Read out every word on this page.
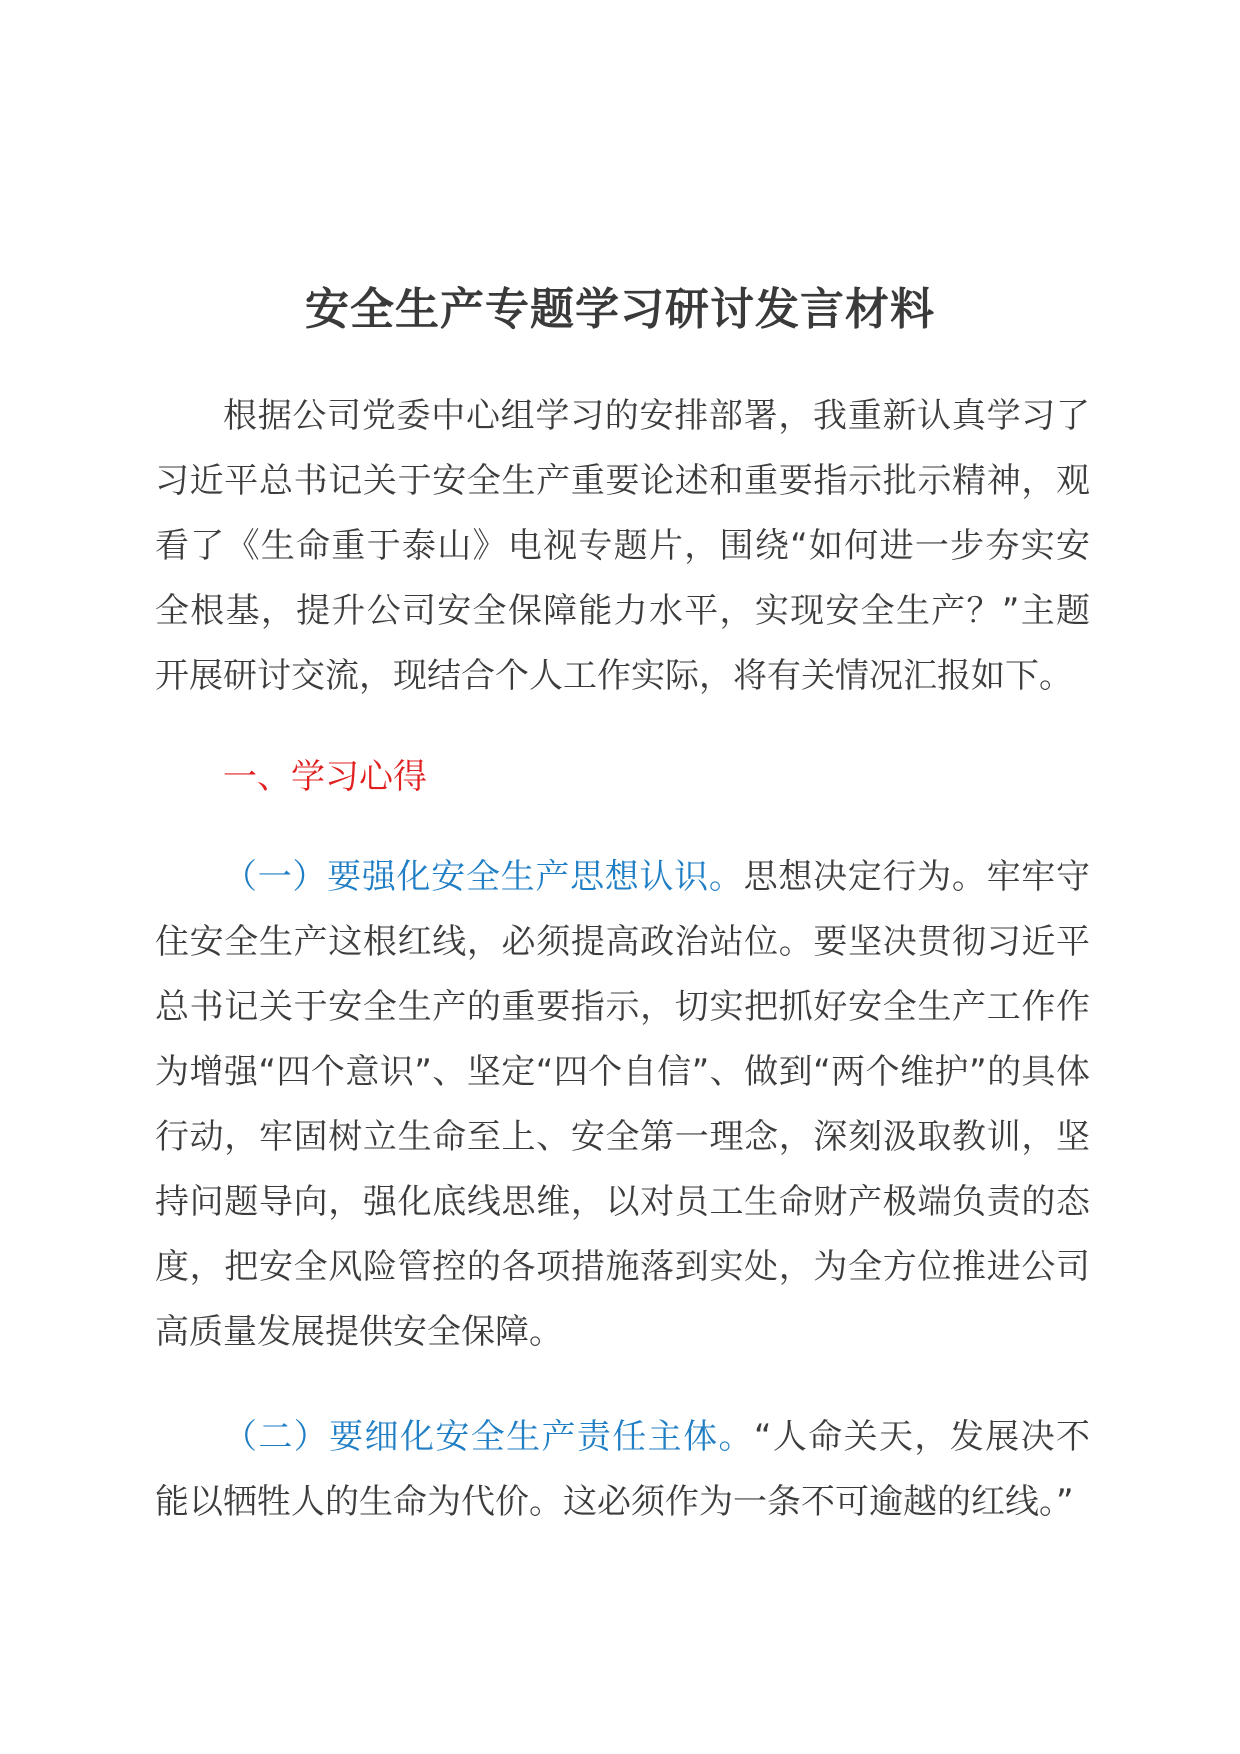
安全生产专题学习研讨发言材料

根据公司党委中心组学习的安排部署，我重新认真学习了习近平总书记关于安全生产重要论述和重要指示批示精神，观看了《生命重于泰山》电视专题片，围绕“如何进一步夯实安全根基，提升公司安全保障能力水平，实现安全生产？”主题开展研讨交流，现结合个人工作实际，将有关情况汇报如下。

一、学习心得

（一）要强化安全生产思想认识。思想决定行为。牢牢守住安全生产这根红线，必须提高政治站位。要坚决贯彻习近平总书记关于安全生产的重要指示，切实把抓好安全生产工作作为增强“四个意识”、坚定“四个自信”、做到“两个维护”的具体行动，牢固树立生命至上、安全第一理念，深刻汲取教训，坚持问题导向，强化底线思维，以对员工生命财产极端负责的态度，把安全风险管控的各项措施落到实处，为全方位推进公司高质量发展提供安全保障。

（二）要细化安全生产责任主体。“人命关天，发展决不能以牺牲人的生命为代价。这必须作为一条不可逾越的红线。”
